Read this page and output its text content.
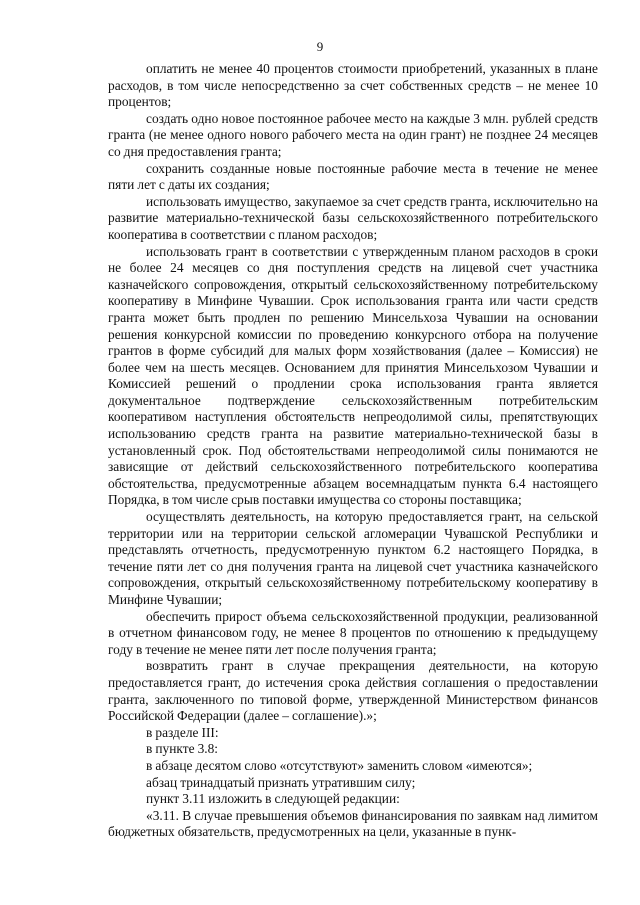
9

оплатить не менее 40 процентов стоимости приобретений, указанных в плане расходов, в том числе непосредственно за счет собственных средств – не менее 10 процентов;

создать одно новое постоянное рабочее место на каждые 3 млн. рублей средств гранта (не менее одного нового рабочего места на один грант) не позднее 24 месяцев со дня предоставления гранта;

сохранить созданные новые постоянные рабочие места в течение не менее пяти лет с даты их создания;

использовать имущество, закупаемое за счет средств гранта, исключительно на развитие материально-технической базы сельскохозяйственного потребительского кооператива в соответствии с планом расходов;

использовать грант в соответствии с утвержденным планом расходов в сроки не более 24 месяцев со дня поступления средств на лицевой счет участника казначейского сопровождения, открытый сельскохозяйственному потребительскому кооперативу в Минфине Чувашии. Срок использования гранта или части средств гранта может быть продлен по решению Минсельхоза Чувашии на основании решения конкурсной комиссии по проведению конкурсного отбора на получение грантов в форме субсидий для малых форм хозяйствования (далее – Комиссия) не более чем на шесть месяцев. Основанием для принятия Минсельхозом Чувашии и Комиссией решений о продлении срока использования гранта является документальное подтверждение сельскохозяйственным потребительским кооперативом наступления обстоятельств непреодолимой силы, препятствующих использованию средств гранта на развитие материально-технической базы в установленный срок. Под обстоятельствами непреодолимой силы понимаются не зависящие от действий сельскохозяйственного потребительского кооператива обстоятельства, предусмотренные абзацем восемнадцатым пункта 6.4 настоящего Порядка, в том числе срыв поставки имущества со стороны поставщика;

осуществлять деятельность, на которую предоставляется грант, на сельской территории или на территории сельской агломерации Чувашской Республики и представлять отчетность, предусмотренную пунктом 6.2 настоящего Порядка, в течение пяти лет со дня получения гранта на лицевой счет участника казначейского сопровождения, открытый сельскохозяйственному потребительскому кооперативу в Минфине Чувашии;

обеспечить прирост объема сельскохозяйственной продукции, реализованной в отчетном финансовом году, не менее 8 процентов по отношению к предыдущему году в течение не менее пяти лет после получения гранта;

возвратить грант в случае прекращения деятельности, на которую предоставляется грант, до истечения срока действия соглашения о предоставлении гранта, заключенного по типовой форме, утвержденной Министерством финансов Российской Федерации (далее – соглашение).»;

в разделе III:

в пункте 3.8:

в абзаце десятом слово «отсутствуют» заменить словом «имеются»;

абзац тринадцатый признать утратившим силу;

пункт 3.11 изложить в следующей редакции:

«3.11. В случае превышения объемов финансирования по заявкам над лимитом бюджетных обязательств, предусмотренных на цели, указанные в пунк-
